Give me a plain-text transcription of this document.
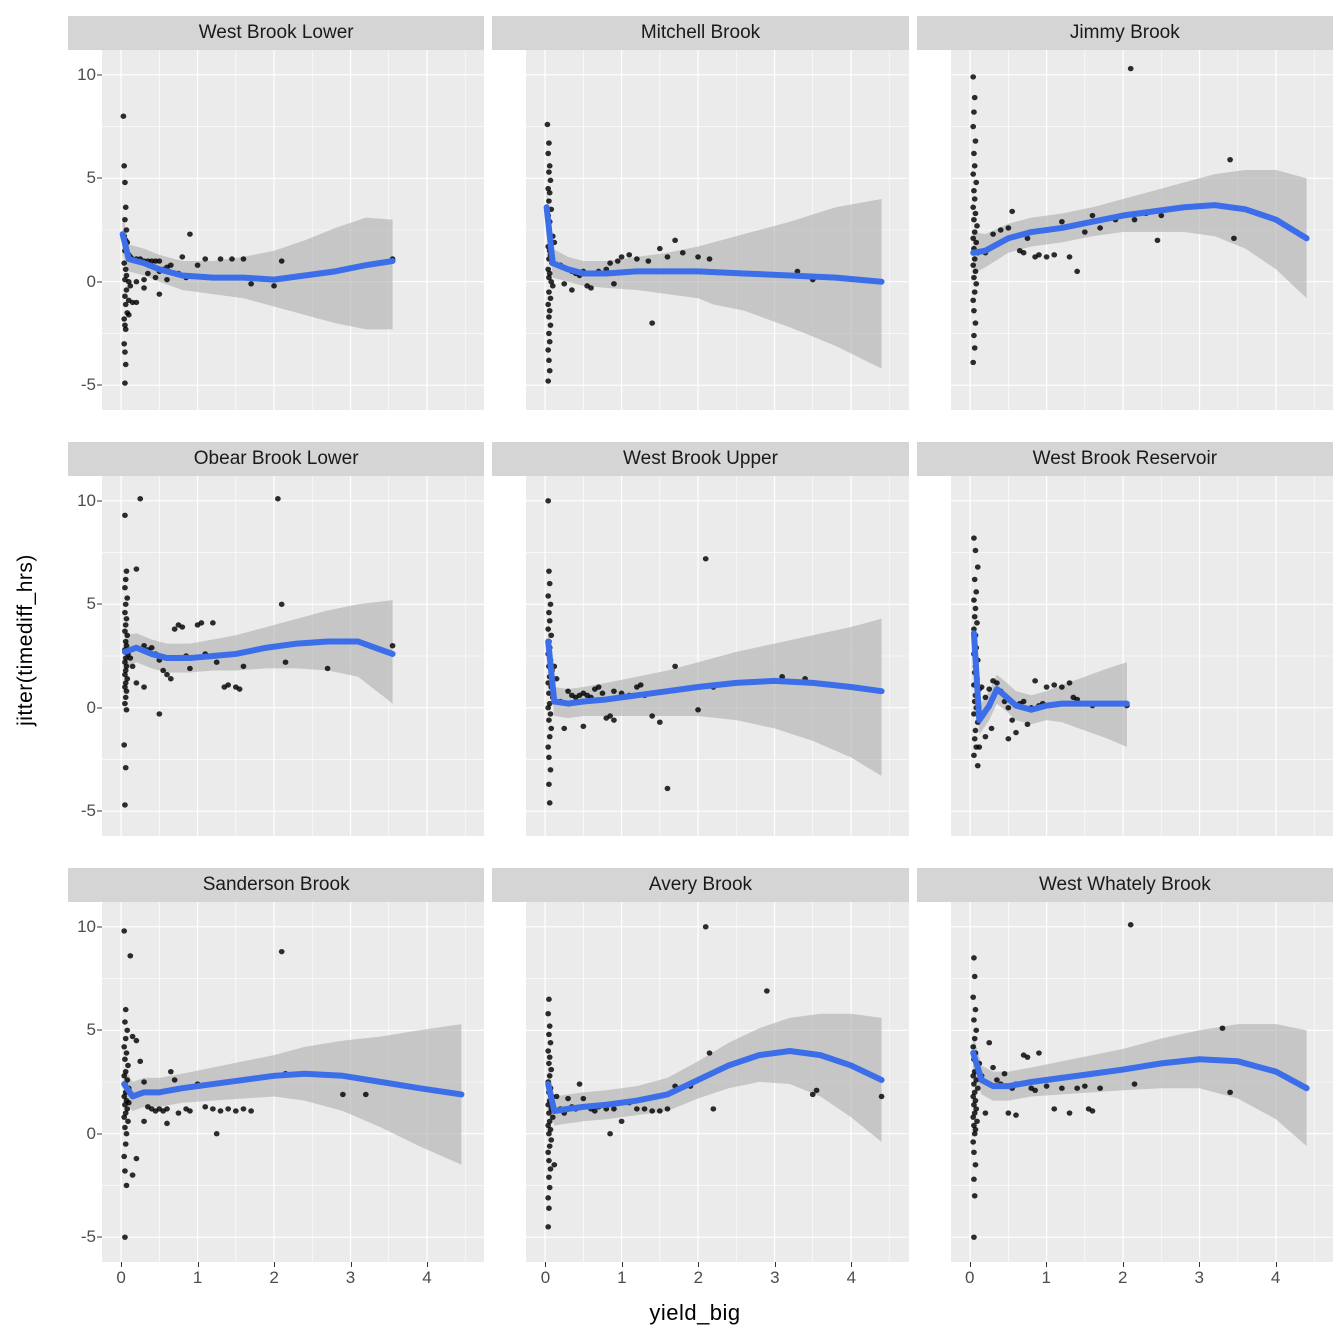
jitter(timediff_hrs)
yield_big
West Brook Lower
-5
0
5
10
Mitchell Brook	Jimmy Brook
Obear Brook Lower
-5
0
5
10
West Brook Upper	West Brook Reservoir
Sanderson Brook
-5
0
5
10
0	1	2	3	4
Avery Brook
0	1	2	3	4
West Whately Brook
0	1	2	3	4
